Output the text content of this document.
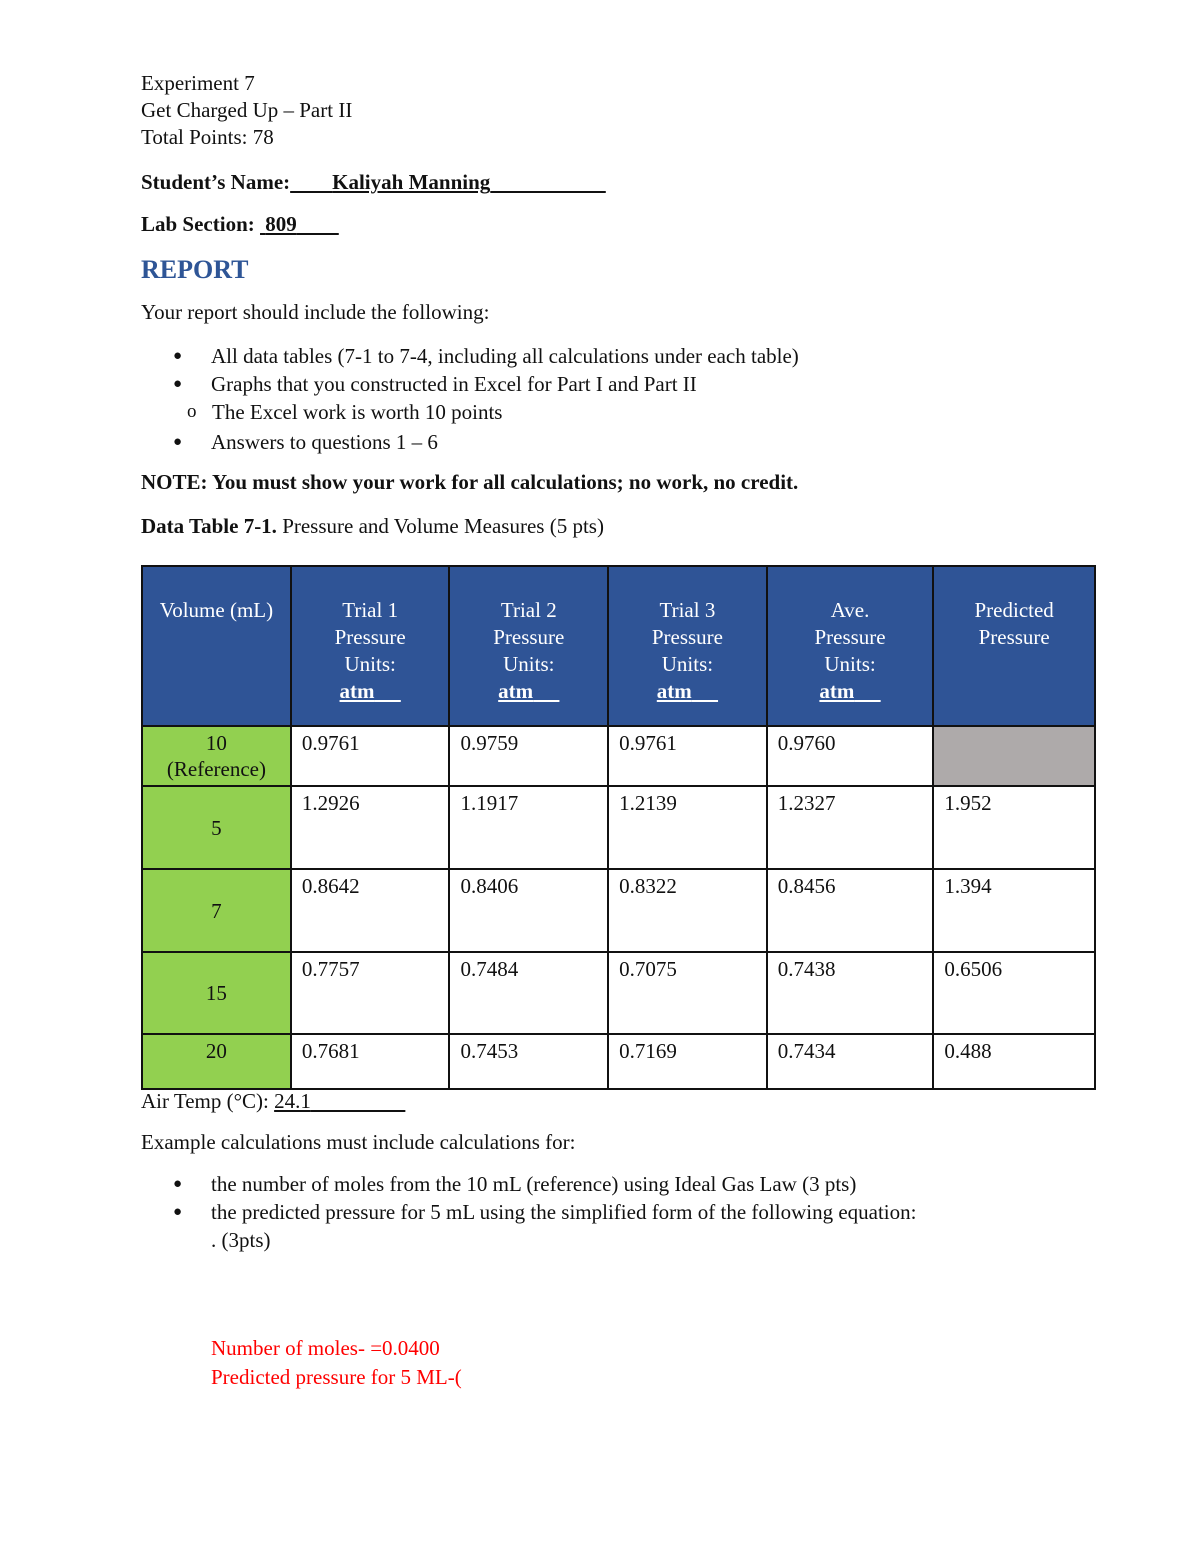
Experiment 7

Get Charged Up – Part II

Total Points: 78

Student’s Name: Kaliyah Manning

Lab Section: 809

REPORT

Your report should include the following:

● All data tables (7-1 to 7-4, including all calculations under each table)
● Graphs that you constructed in Excel for Part I and Part II
o The Excel work is worth 10 points
● Answers to questions 1 – 6

NOTE: You must show your work for all calculations; no work, no credit.

Data Table 7-1. Pressure and Volume Measures (5 pts)

Volume (mL)	Trial 1
Pressure
Units:
atm	Trial 2
Pressure
Units:
atm	Trial 3
Pressure
Units:
atm	Ave.
Pressure
Units:
atm	Predicted
Pressure
10
(Reference)	0.9761	0.9759	0.9761	0.9760	
5	1.2926	1.1917	1.2139	1.2327	1.952
7	0.8642	0.8406	0.8322	0.8456	1.394
15	0.7757	0.7484	0.7075	0.7438	0.6506
20	0.7681	0.7453	0.7169	0.7434	0.488

Air Temp (°C): 24.1

Example calculations must include calculations for:

● the number of moles from the 10 mL (reference) using Ideal Gas Law (3 pts)
● the predicted pressure for 5 mL using the simplified form of the following equation:
. (3pts)
Number of moles- =0.0400
Predicted pressure for 5 ML-(
